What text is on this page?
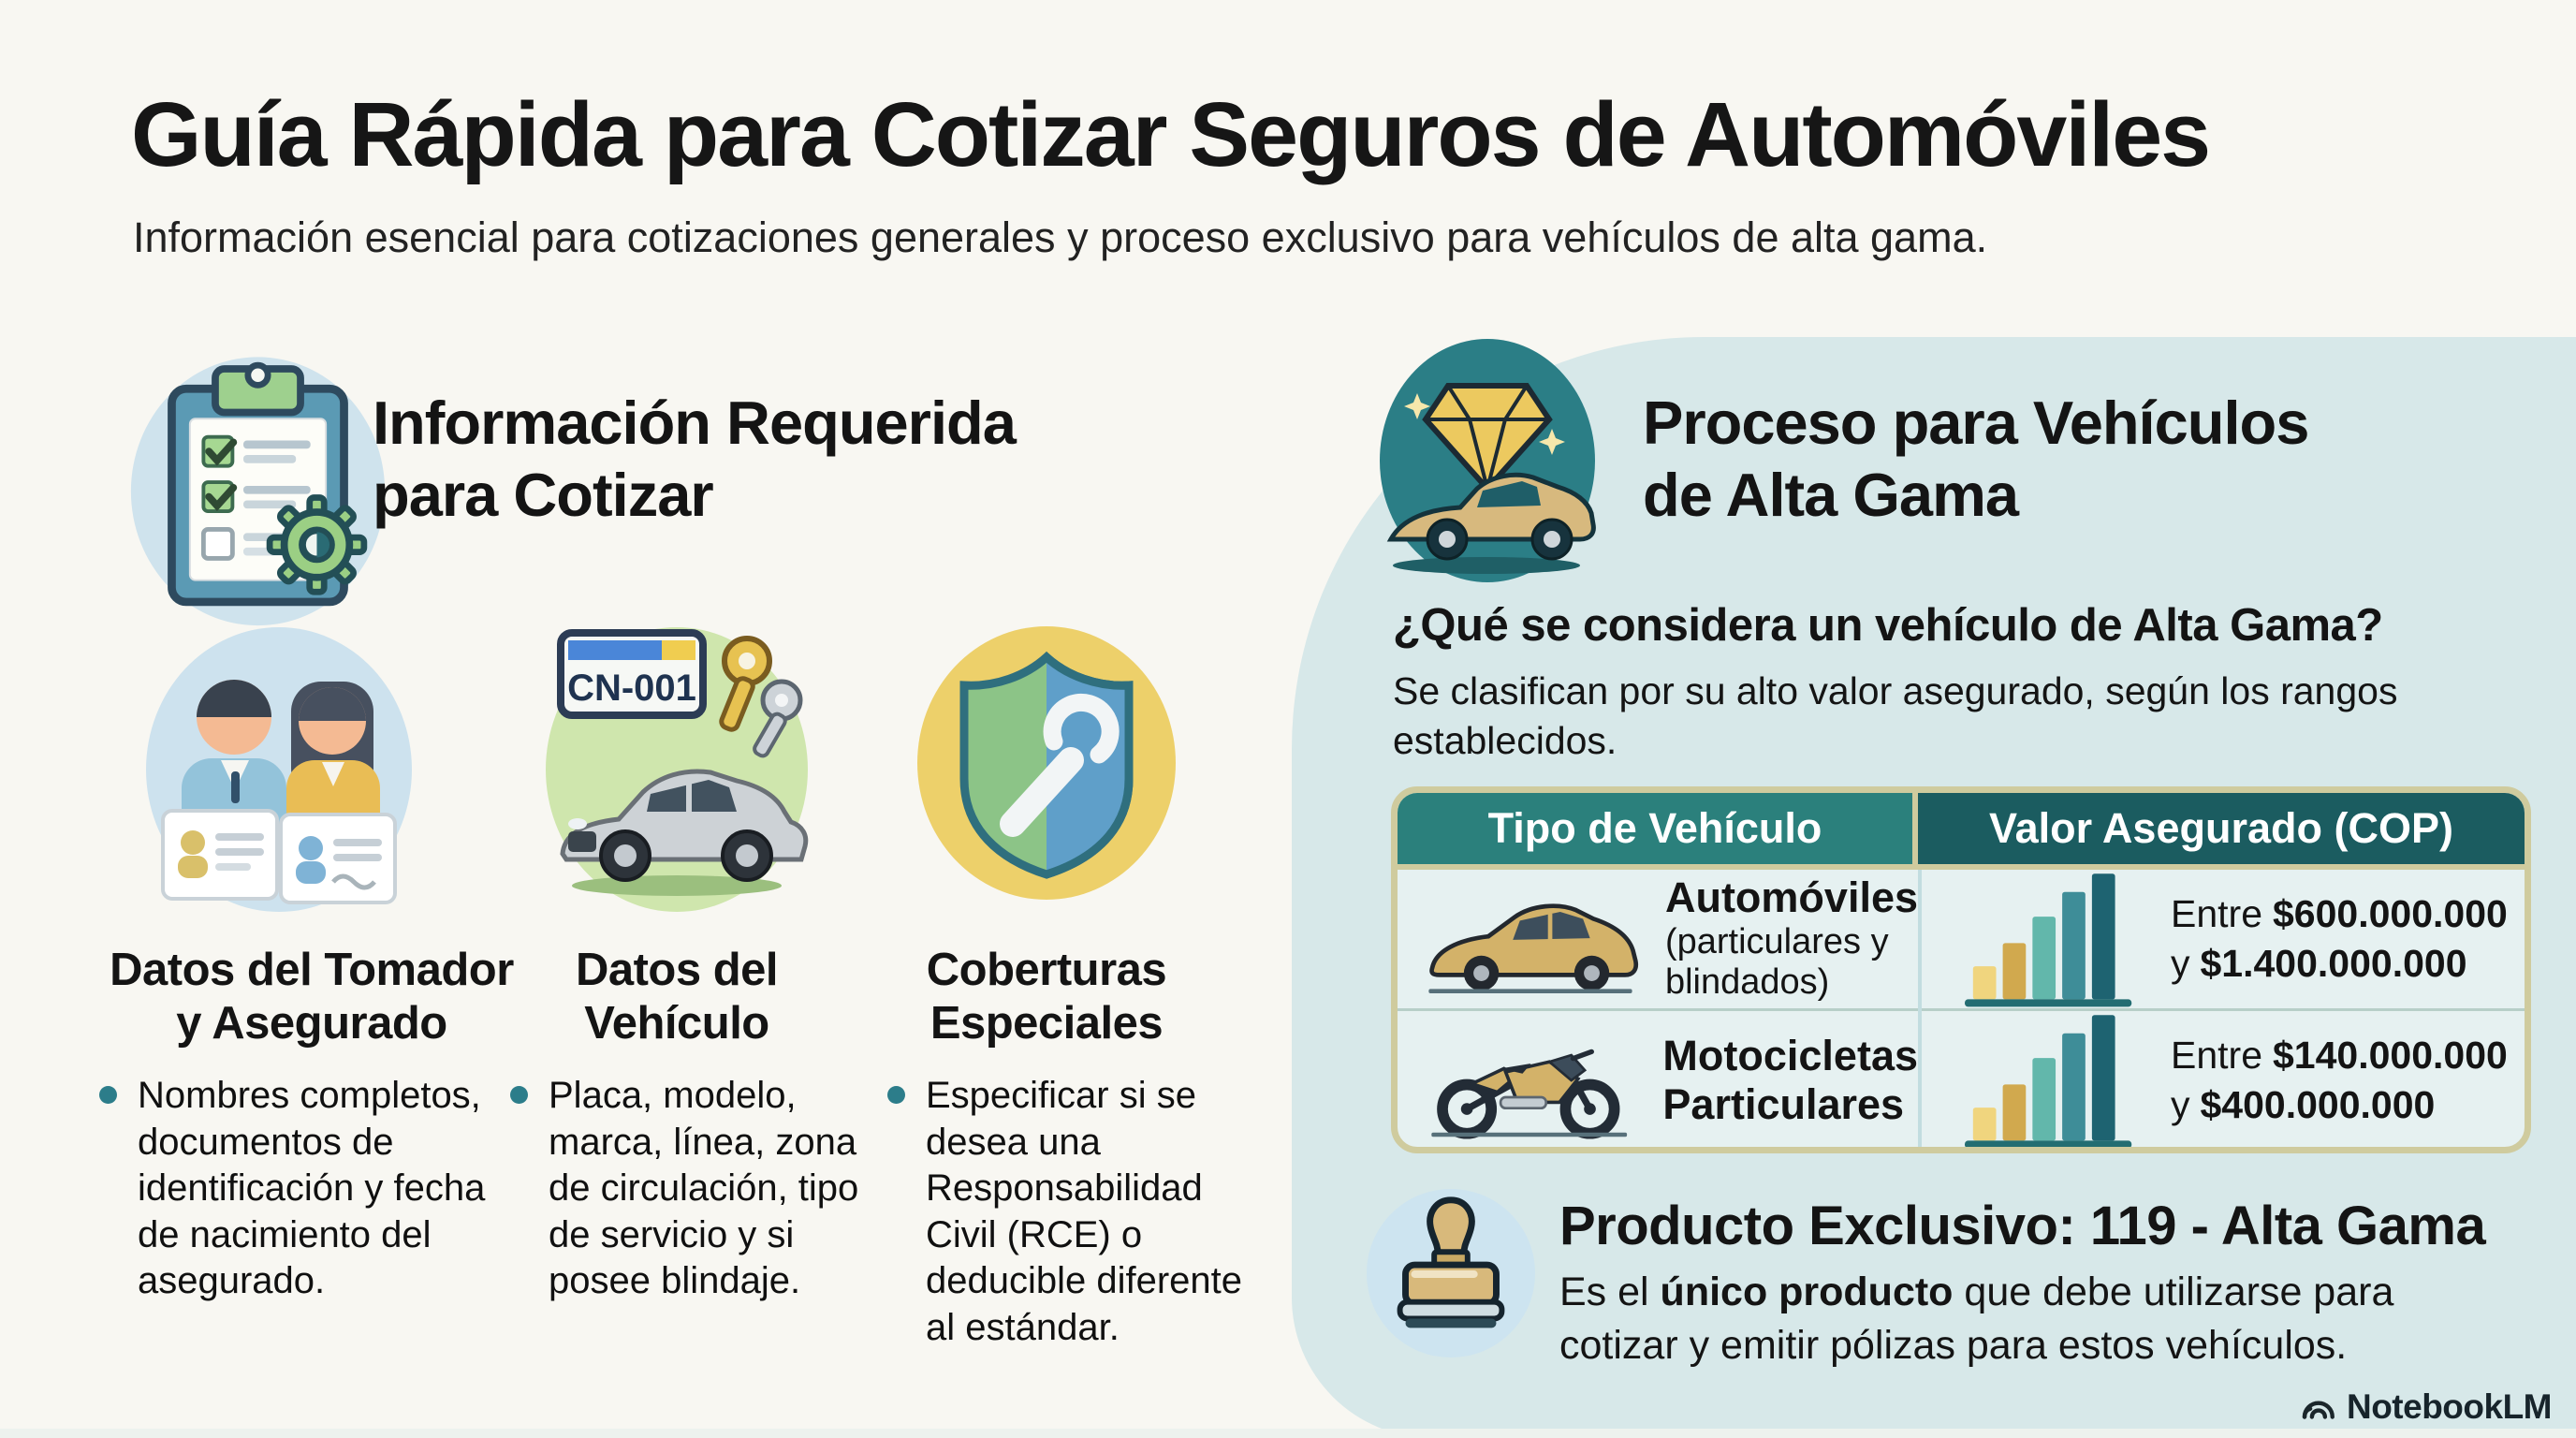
Guía Rápida para Cotizar Seguros de Automóviles
Información esencial para cotizaciones generales y proceso exclusivo para vehículos de alta gama.
Información Requerida
para Cotizar
CN-001
Datos del Tomador
y Asegurado
Datos del
Vehículo
Coberturas
Especiales
Nombres completos, documentos de identificación y fecha de nacimiento del asegurado.
Placa, modelo, marca, línea, zona de circulación, tipo de servicio y si posee blindaje.
Especificar si se desea una Responsabilidad Civil (RCE) o deducible diferente al estándar.
Proceso para Vehículos
de Alta Gama
¿Qué se considera un vehículo de Alta Gama?
Se clasifican por su alto valor asegurado, según los rangos establecidos.
Tipo de Vehículo	Valor Asegurado (COP)
Automóviles
(particulares y blindados)
Entre $600.000.000
y $1.400.000.000
Motocicletas
Particulares
Entre $140.000.000
y $400.000.000
Producto Exclusivo: 119 - Alta Gama
Es el único producto que debe utilizarse para cotizar y emitir pólizas para estos vehículos.
NotebookLM
